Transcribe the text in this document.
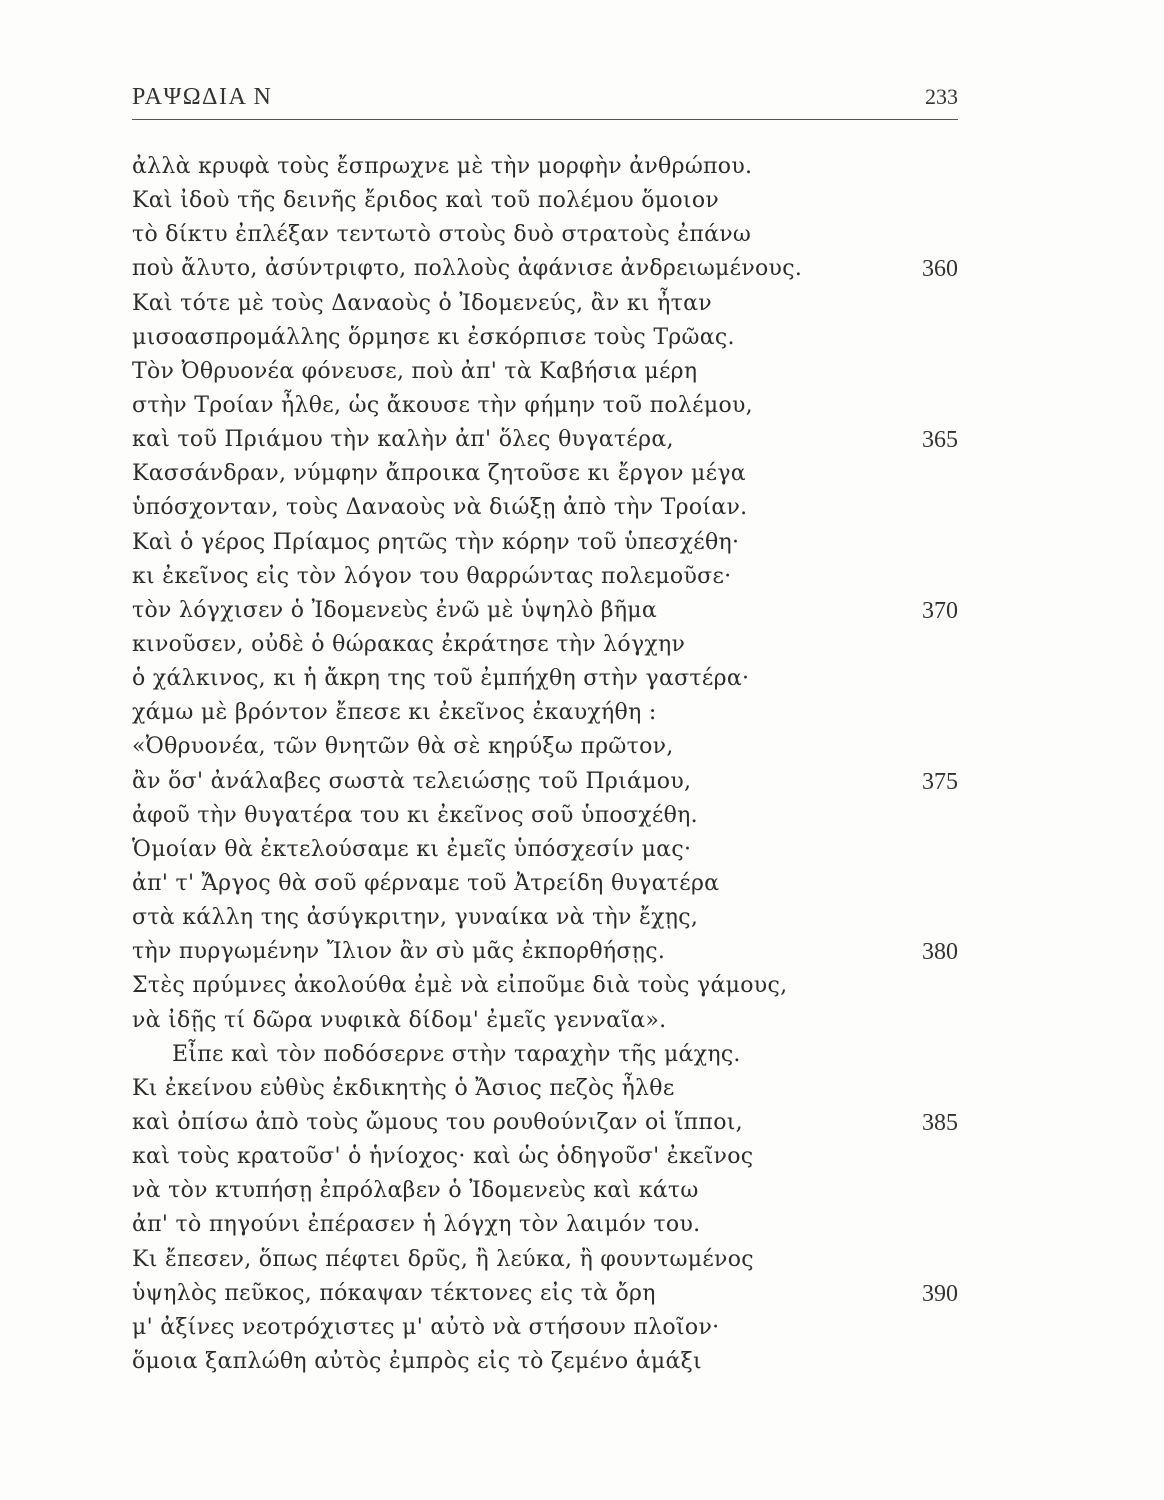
ΡΑΨΩΔΙΑ Ν	233
ἀλλὰ κρυφὰ τοὺς ἔσπρωχνε μὲ τὴν μορφὴν ἀνθρώπου.
Καὶ ἰδοὺ τῆς δεινῆς ἔριδος καὶ τοῦ πολέμου ὅμοιον
τὸ δίκτυ ἐπλέξαν τεντωτὸ στοὺς δυὸ στρατοὺς ἐπάνω
ποὺ ἄλυτο, ἀσύντριφτο, πολλοὺς ἀφάνισε ἀνδρειωμένους.	360
Καὶ τότε μὲ τοὺς Δαναοὺς ὁ Ἰδομενεύς, ἂν κι ἦταν
μισοασπρομάλλης ὅρμησε κι ἐσκόρπισε τοὺς Τρῶας.
Τὸν Ὀθρυονέα φόνευσε, ποὺ ἀπ' τὰ Καβήσια μέρη
στὴν Τροίαν ἦλθε, ὡς ἄκουσε τὴν φήμην τοῦ πολέμου,
καὶ τοῦ Πριάμου τὴν καλὴν ἀπ' ὅλες θυγατέρα,	365
Κασσάνδραν, νύμφην ἄπροικα ζητοῦσε κι ἔργον μέγα
ὑπόσχονταν, τοὺς Δαναοὺς νὰ διώξῃ ἀπὸ τὴν Τροίαν.
Καὶ ὁ γέρος Πρίαμος ρητῶς τὴν κόρην τοῦ ὑπεσχέθη·
κι ἐκεῖνος εἰς τὸν λόγον του θαρρώντας πολεμοῦσε·
τὸν λόγχισεν ὁ Ἰδομενεὺς ἐνῶ μὲ ὑψηλὸ βῆμα	370
κινοῦσεν, οὐδὲ ὁ θώρακας ἐκράτησε τὴν λόγχην
ὁ χάλκινος, κι ἡ ἄκρη της τοῦ ἐμπήχθη στὴν γαστέρα·
χάμω μὲ βρόντον ἔπεσε κι ἐκεῖνος ἐκαυχήθη :
«Ὀθρυονέα, τῶν θνητῶν θὰ σὲ κηρύξω πρῶτον,
ἂν ὅσ' ἀνάλαβες σωστὰ τελειώσῃς τοῦ Πριάμου,	375
ἀφοῦ τὴν θυγατέρα του κι ἐκεῖνος σοῦ ὑποσχέθη.
Ὁμοίαν θὰ ἐκτελούσαμε κι ἐμεῖς ὑπόσχεσίν μας·
ἀπ' τ' Ἄργος θὰ σοῦ φέρναμε τοῦ Ἀτρείδη θυγατέρα
στὰ κάλλη της ἀσύγκριτην, γυναίκα νὰ τὴν ἔχῃς,
τὴν πυργωμένην Ἴλιον ἂν σὺ μᾶς ἐκπορθήσῃς.	380
Στὲς πρύμνες ἀκολούθα ἐμὲ νὰ εἰποῦμε διὰ τοὺς γάμους,
νὰ ἰδῇς τί δῶρα νυφικὰ δίδομ' ἐμεῖς γενναῖα».
Εἶπε καὶ τὸν ποδόσερνε στὴν ταραχὴν τῆς μάχης.
Κι ἐκείνου εὐθὺς ἐκδικητὴς ὁ Ἄσιος πεζὸς ἦλθε
καὶ ὀπίσω ἀπὸ τοὺς ὤμους του ρουθούνιζαν οἱ ἵπποι,	385
καὶ τοὺς κρατοῦσ' ὁ ἡνίοχος· καὶ ὡς ὁδηγοῦσ' ἐκεῖνος
νὰ τὸν κτυπήσῃ ἐπρόλαβεν ὁ Ἰδομενεὺς καὶ κάτω
ἀπ' τὸ πηγούνι ἐπέρασεν ἡ λόγχη τὸν λαιμόν του.
Κι ἔπεσεν, ὅπως πέφτει δρῦς, ἢ λεύκα, ἢ φουντωμένος
ὑψηλὸς πεῦκος, πόκαψαν τέκτονες εἰς τὰ ὄρη	390
μ' ἀξίνες νεοτρόχιστες μ' αὐτὸ νὰ στήσουν πλοῖον·
ὅμοια ξαπλώθη αὐτὸς ἐμπρὸς εἰς τὸ ζεμένο ἁμάξι
